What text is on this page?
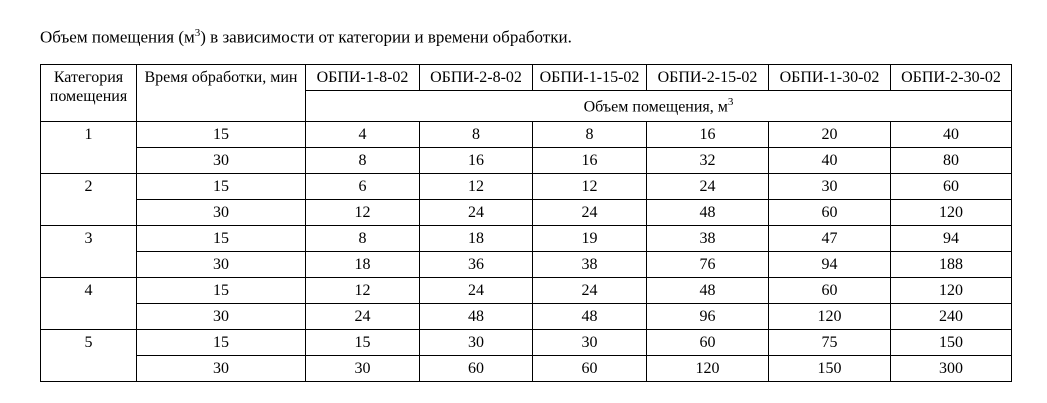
Объем помещения $(м^3)$ в зависимости от категории и времени обработки.
Категория помещения	Время обработки, мин	ОБПИ-1-8-02	ОБПИ-2-8-02	ОБПИ-1-15-02	ОБПИ-2-15-02	ОБПИ-1-30-02	ОБПИ-2-30-02
		Объем помещения, $м^3$
1	15	4	8	8	16	20	40
	30	8	16	16	32	40	80
2	15	6	12	12	24	30	60
	30	12	24	24	48	60	120
3	15	8	18	19	38	47	94
	30	18	36	38	76	94	188
4	15	12	24	24	48	60	120
	30	24	48	48	96	120	240
5	15	15	30	30	60	75	150
	30	30	60	60	120	150	300
